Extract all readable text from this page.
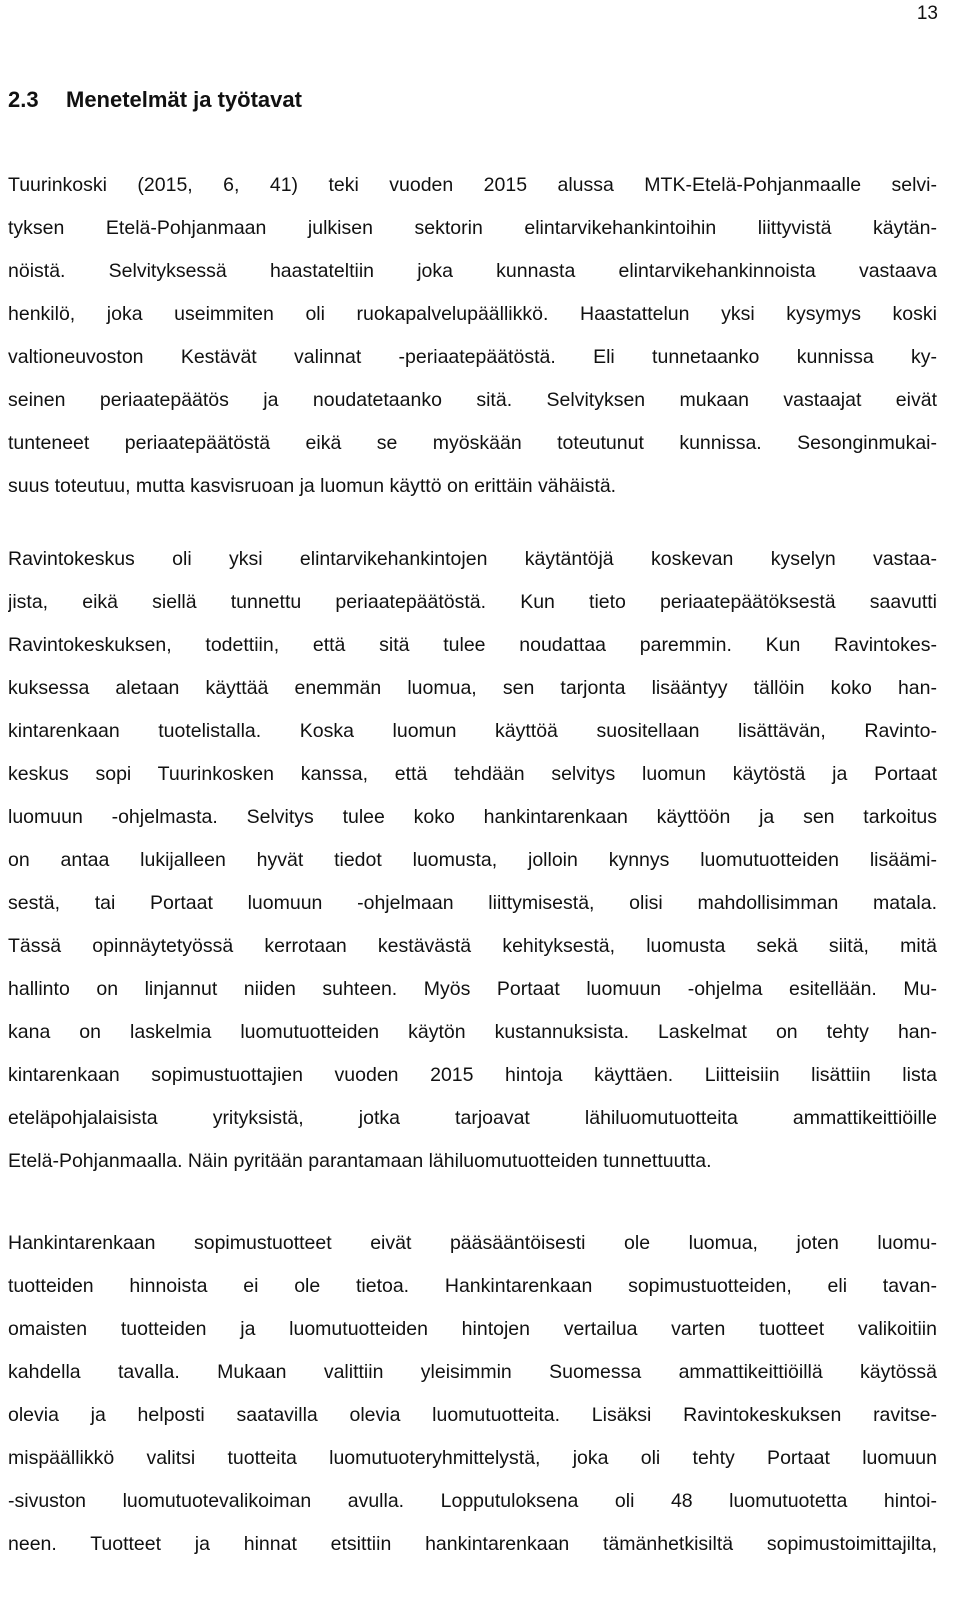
13
2.3 Menetelmät ja työtavat

Tuurinkoski (2015, 6, 41) teki vuoden 2015 alussa MTK-Etelä-Pohjanmaalle selvi-

tyksen Etelä-Pohjanmaan julkisen sektorin elintarvikehankintoihin liittyvistä käytän-

nöistä. Selvityksessä haastateltiin joka kunnasta elintarvikehankinnoista vastaava

henkilö, joka useimmiten oli ruokapalvelupäällikkö. Haastattelun yksi kysymys koski

valtioneuvoston Kestävät valinnat -periaatepäätöstä. Eli tunnetaanko kunnissa ky-

seinen periaatepäätös ja noudatetaanko sitä. Selvityksen mukaan vastaajat eivät

tunteneet periaatepäätöstä eikä se myöskään toteutunut kunnissa. Sesonginmukai-

suus toteutuu, mutta kasvisruoan ja luomun käyttö on erittäin vähäistä.

Ravintokeskus oli yksi elintarvikehankintojen käytäntöjä koskevan kyselyn vastaa-

jista, eikä siellä tunnettu periaatepäätöstä. Kun tieto periaatepäätöksestä saavutti

Ravintokeskuksen, todettiin, että sitä tulee noudattaa paremmin. Kun Ravintokes-

kuksessa aletaan käyttää enemmän luomua, sen tarjonta lisääntyy tällöin koko han-

kintarenkaan tuotelistalla. Koska luomun käyttöä suositellaan lisättävän, Ravinto-

keskus sopi Tuurinkosken kanssa, että tehdään selvitys luomun käytöstä ja Portaat

luomuun -ohjelmasta. Selvitys tulee koko hankintarenkaan käyttöön ja sen tarkoitus

on antaa lukijalleen hyvät tiedot luomusta, jolloin kynnys luomutuotteiden lisäämi-

sestä, tai Portaat luomuun -ohjelmaan liittymisestä, olisi mahdollisimman matala.

Tässä opinnäytetyössä kerrotaan kestävästä kehityksestä, luomusta sekä siitä, mitä

hallinto on linjannut niiden suhteen. Myös Portaat luomuun -ohjelma esitellään. Mu-

kana on laskelmia luomutuotteiden käytön kustannuksista. Laskelmat on tehty han-

kintarenkaan sopimustuottajien vuoden 2015 hintoja käyttäen. Liitteisiin lisättiin lista

eteläpohjalaisista yrityksistä, jotka tarjoavat lähiluomutuotteita ammattikeittiöille

Etelä-Pohjanmaalla. Näin pyritään parantamaan lähiluomutuotteiden tunnettuutta.

Hankintarenkaan sopimustuotteet eivät pääsääntöisesti ole luomua, joten luomu-

tuotteiden hinnoista ei ole tietoa. Hankintarenkaan sopimustuotteiden, eli tavan-

omaisten tuotteiden ja luomutuotteiden hintojen vertailua varten tuotteet valikoitiin

kahdella tavalla. Mukaan valittiin yleisimmin Suomessa ammattikeittiöillä käytössä

olevia ja helposti saatavilla olevia luomutuotteita. Lisäksi Ravintokeskuksen ravitse-

mispäällikkö valitsi tuotteita luomutuoteryhmittelystä, joka oli tehty Portaat luomuun

-sivuston luomutuotevalikoiman avulla. Lopputuloksena oli 48 luomutuotetta hintoi-

neen. Tuotteet ja hinnat etsittiin hankintarenkaan tämänhetkisiltä sopimustoimittajilta,
